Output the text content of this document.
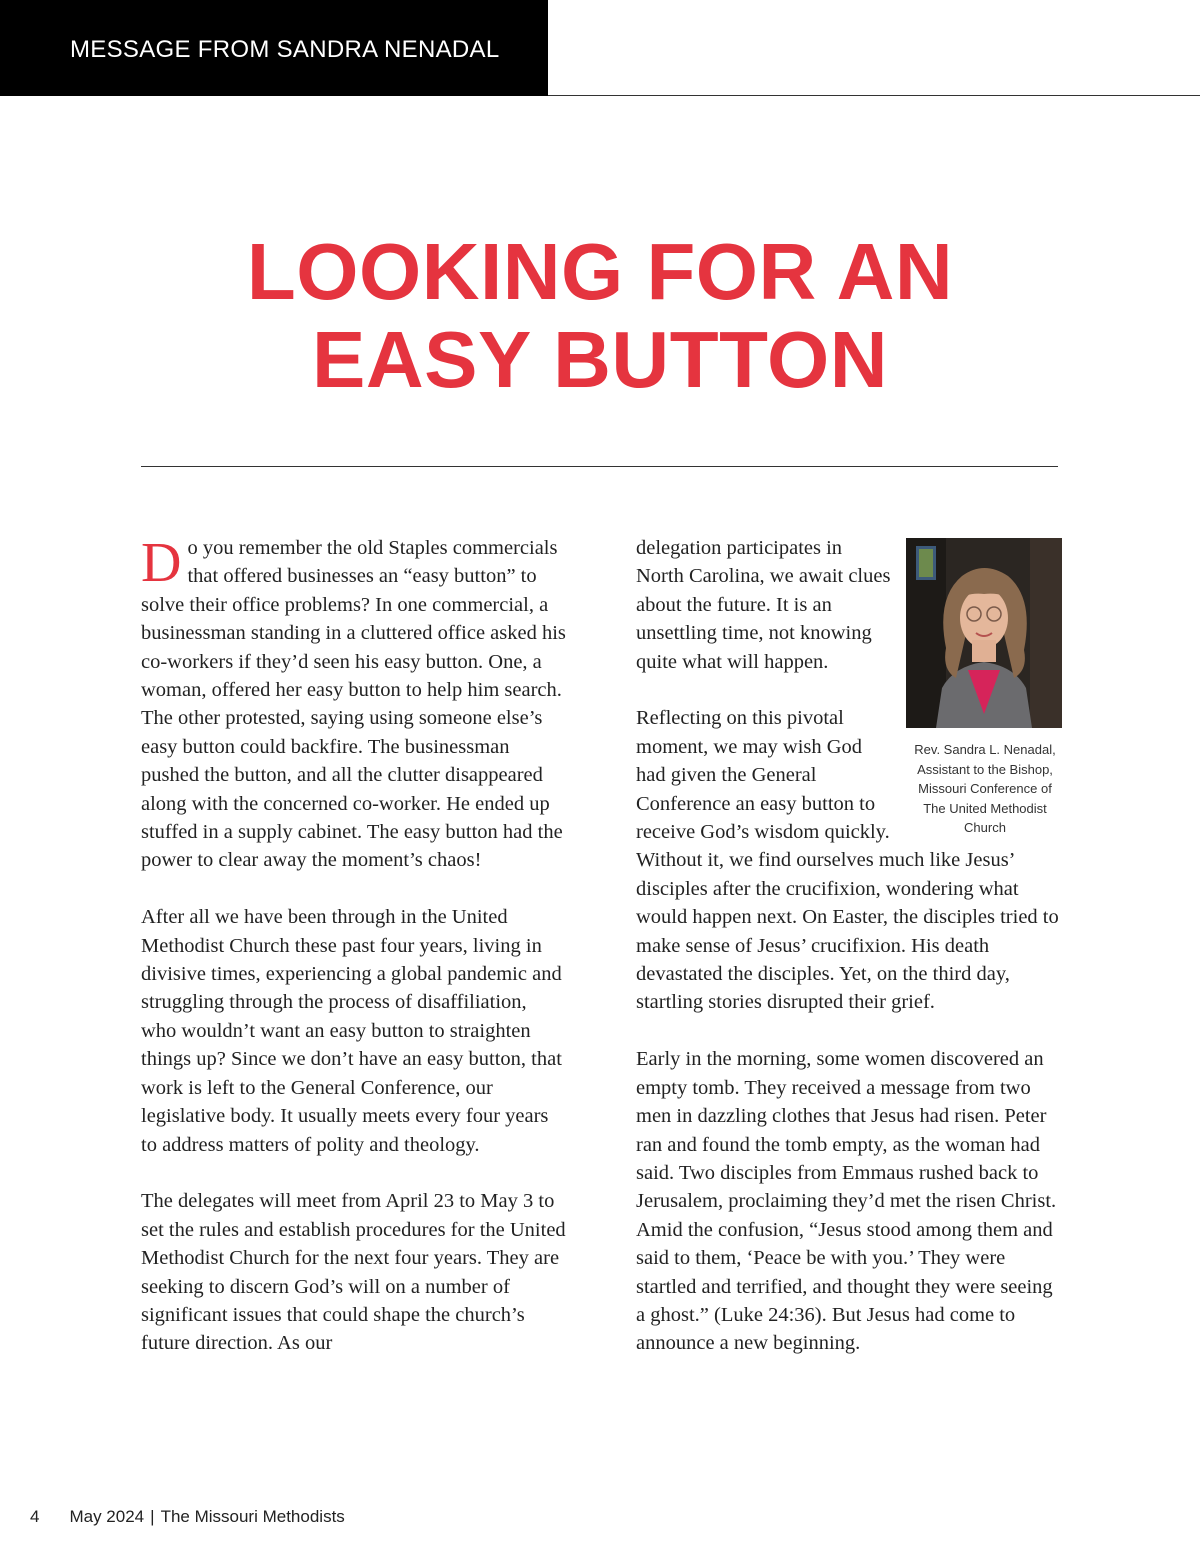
MESSAGE FROM SANDRA NENADAL
LOOKING FOR AN
EASY BUTTON

Do you remember the old Staples commercials that offered businesses an “easy button” to solve their office problems? In one commercial, a businessman standing in a cluttered office asked his co-workers if they’d seen his easy button. One, a woman, offered her easy button to help him search. The other protested, saying using someone else’s easy button could backfire. The businessman pushed the button, and all the clutter disappeared along with the concerned co-worker. He ended up stuffed in a supply cabinet. The easy button had the power to clear away the moment’s chaos!

After all we have been through in the United Methodist Church these past four years, living in divisive times, experiencing a global pandemic and struggling through the process of disaffiliation, who wouldn’t want an easy button to straighten things up? Since we don’t have an easy button, that work is left to the General Conference, our legislative body. It usually meets every four years to address matters of polity and theology.

The delegates will meet from April 23 to May 3 to set the rules and establish procedures for the United Methodist Church for the next four years. They are seeking to discern God’s will on a number of significant issues that could shape the church’s future direction. As our

Rev. Sandra L. Nenadal,
Assistant to the Bishop,
Missouri Conference of
The United Methodist
Church

delegation participates in North Carolina, we await clues about the future. It is an unsettling time, not knowing quite what will happen.

Reflecting on this pivotal moment, we may wish God had given the General Conference an easy button to receive God’s wisdom quickly. Without it, we find ourselves much like Jesus’ disciples after the crucifixion, wondering what would happen next. On Easter, the disciples tried to make sense of Jesus’ crucifixion. His death devastated the disciples. Yet, on the third day, startling stories disrupted their grief.

Early in the morning, some women discovered an empty tomb. They received a message from two men in dazzling clothes that Jesus had risen. Peter ran and found the tomb empty, as the woman had said. Two disciples from Emmaus rushed back to Jerusalem, proclaiming they’d met the risen Christ. Amid the confusion, “Jesus stood among them and said to them, ‘Peace be with you.’ They were startled and terrified, and thought they were seeing a ghost.” (Luke 24:36). But Jesus had come to announce a new beginning.

4 May 2024 | The Missouri Methodists
